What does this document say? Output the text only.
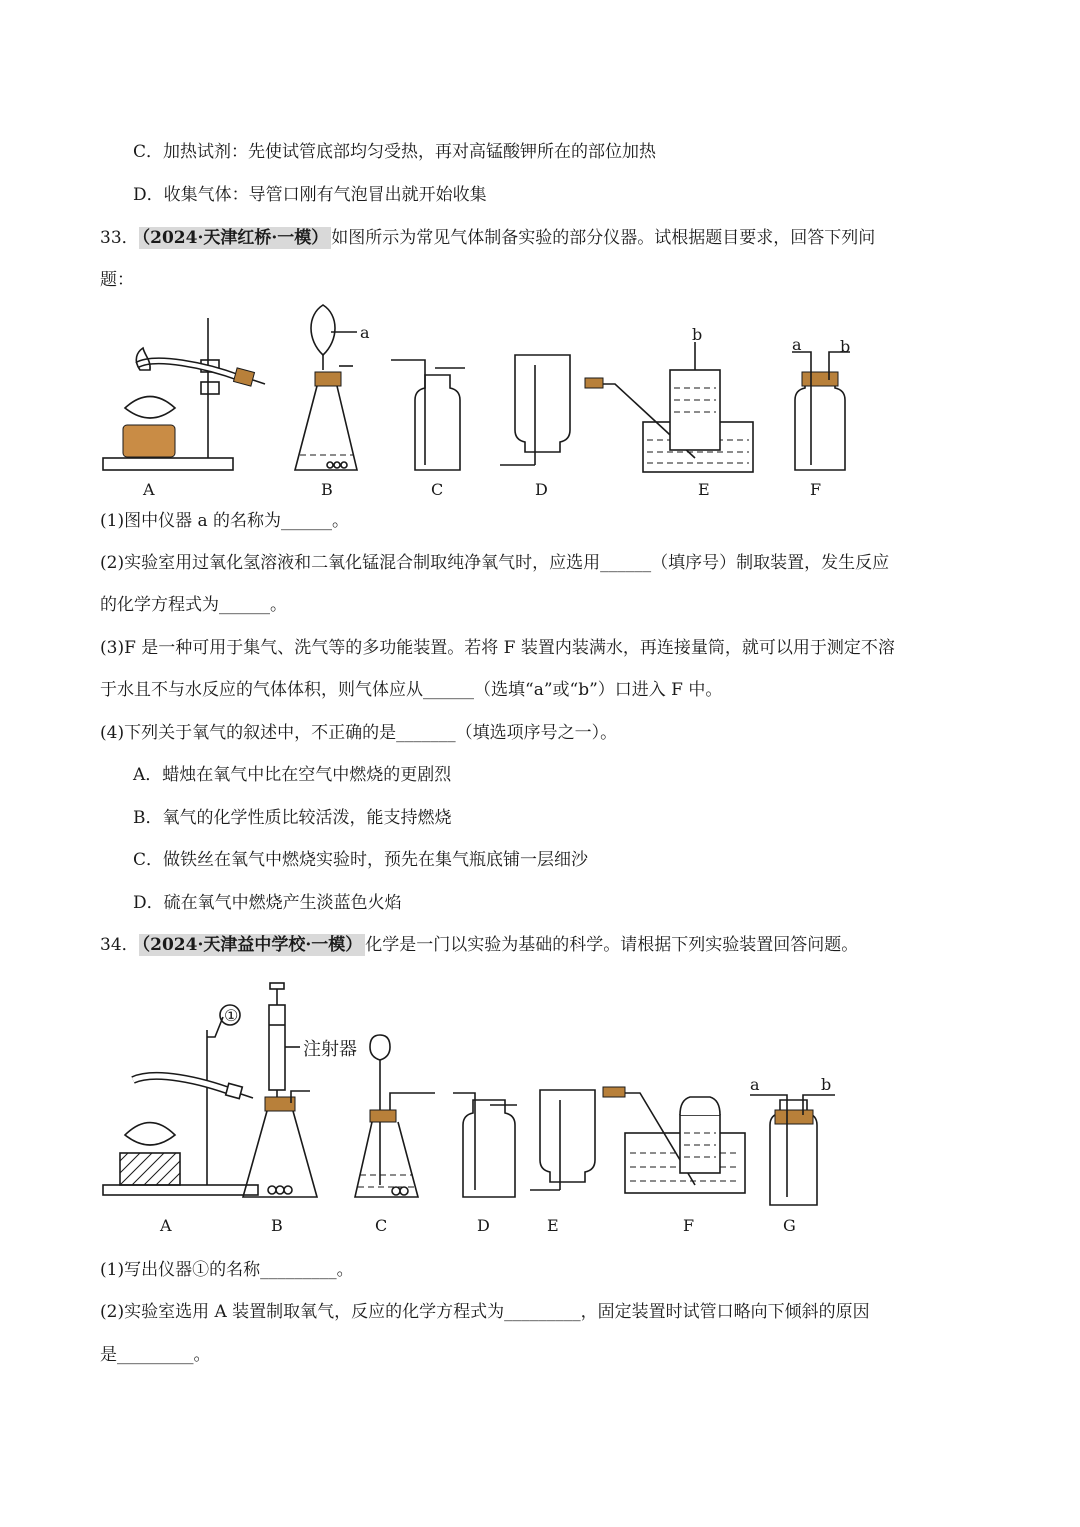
C．加热试剂：先使试管底部均匀受热，再对高锰酸钾所在的部位加热
D．收集气体：导管口刚有气泡冒出就开始收集
33． （2024·天津红桥·一模） 如图所示为常见气体制备实验的部分仪器。试根据题目要求，回答下列问
题：
A
a
B	C	D
b
E
a b
F
(1)图中仪器 a 的名称为______。
(2)实验室用过氧化氢溶液和二氧化锰混合制取纯净氧气时，应选用______（填序号）制取装置，发生反应
的化学方程式为______。
(3)F 是一种可用于集气、洗气等的多功能装置。若将 F 装置内装满水，再连接量筒，就可以用于测定不溶
于水且不与水反应的气体体积，则气体应从______（选填“a”或“b”）口进入 F 中。
(4)下列关于氧气的叙述中，不正确的是_______（填选项序号之一）。
A．蜡烛在氧气中比在空气中燃烧的更剧烈
B．氧气的化学性质比较活泼，能支持燃烧
C．做铁丝在氧气中燃烧实验时，预先在集气瓶底铺一层细沙
D．硫在氧气中燃烧产生淡蓝色火焰
34． （2024·天津益中学校·一模） 化学是一门以实验为基础的科学。请根据下列实验装置回答问题。
①
A
注射器
B	C	D	E	F
a	b
G
(1)写出仪器①的名称_________。
(2)实验室选用 A 装置制取氧气，反应的化学方程式为_________，固定装置时试管口略向下倾斜的原因
是_________。
